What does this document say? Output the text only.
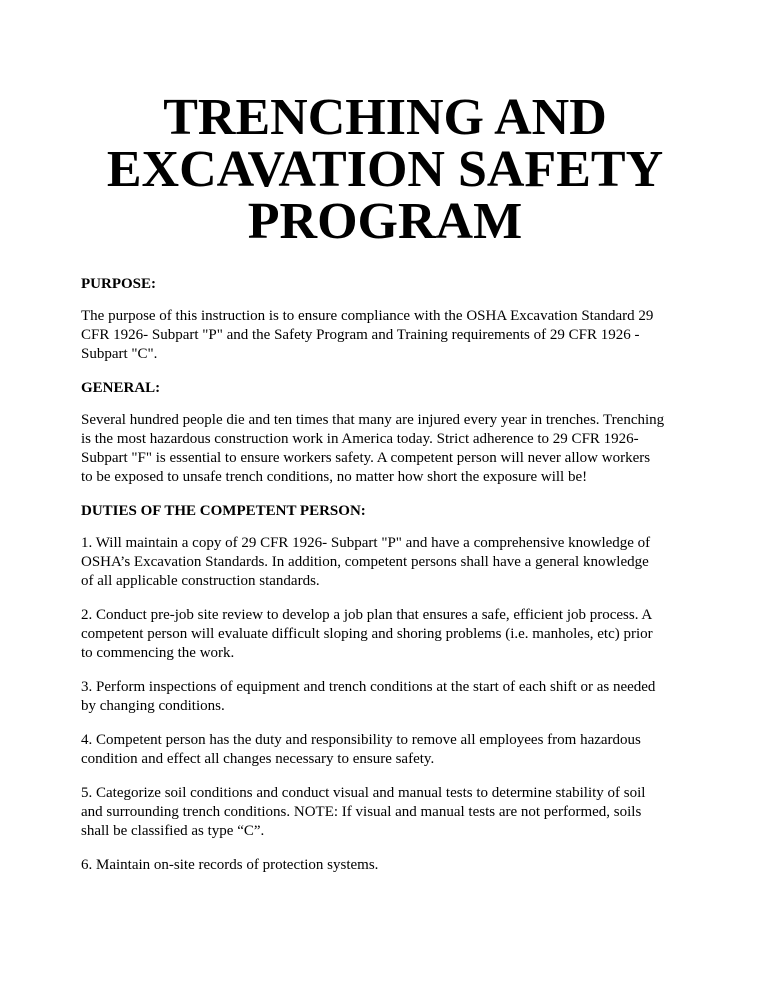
TRENCHING AND
EXCAVATION SAFETY
PROGRAM
PURPOSE:
The purpose of this instruction is to ensure compliance with the OSHA Excavation Standard 29
CFR 1926- Subpart "P" and the Safety Program and Training requirements of 29 CFR 1926 -
Subpart "C".
GENERAL:
Several hundred people die and ten times that many are injured every year in trenches. Trenching
is the most hazardous construction work in America today. Strict adherence to 29 CFR 1926-
Subpart "F" is essential to ensure workers safety. A competent person will never allow workers
to be exposed to unsafe trench conditions, no matter how short the exposure will be!
DUTIES OF THE COMPETENT PERSON:
1. Will maintain a copy of 29 CFR 1926- Subpart "P" and have a comprehensive knowledge of
OSHA’s Excavation Standards. In addition, competent persons shall have a general knowledge
of all applicable construction standards.
2. Conduct pre-job site review to develop a job plan that ensures a safe, efficient job process. A
competent person will evaluate difficult sloping and shoring problems (i.e. manholes, etc) prior
to commencing the work.
3. Perform inspections of equipment and trench conditions at the start of each shift or as needed
by changing conditions.
4. Competent person has the duty and responsibility to remove all employees from hazardous
condition and effect all changes necessary to ensure safety.
5. Categorize soil conditions and conduct visual and manual tests to determine stability of soil
and surrounding trench conditions. NOTE: If visual and manual tests are not performed, soils
shall be classified as type “C”.
6. Maintain on-site records of protection systems.
